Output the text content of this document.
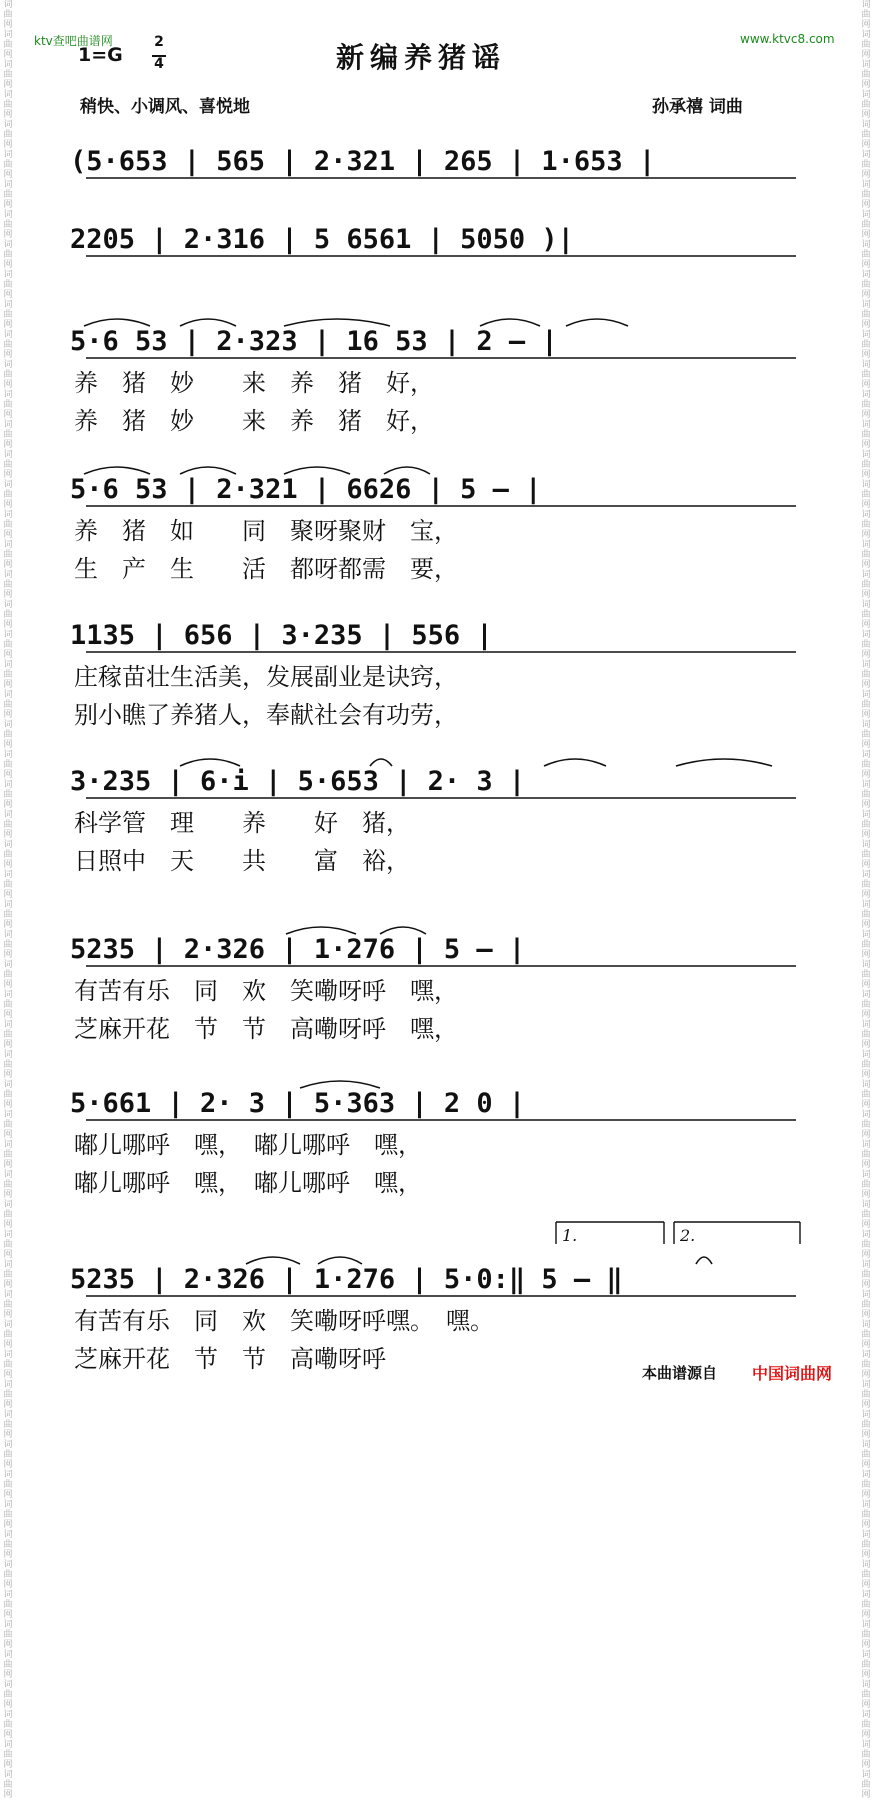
词曲网词曲网词曲网词曲网词曲网词曲网词曲网词曲网词曲网词曲网词曲网词曲网词曲网词曲网词曲网词曲网词曲网词曲网词曲网词曲网词曲网词曲网词曲网词曲网词曲网词曲网词曲网词曲网词曲网词曲网词曲网词曲网词曲网词曲网词曲网词曲网词曲网词曲网词曲网词曲网词曲网词曲网词曲网词曲网词曲网词曲网词曲网词曲网词曲网词曲网词曲网词曲网词曲网词曲网词曲网词曲网词曲网词曲网词曲网词曲网
词曲网词曲网词曲网词曲网词曲网词曲网词曲网词曲网词曲网词曲网词曲网词曲网词曲网词曲网词曲网词曲网词曲网词曲网词曲网词曲网词曲网词曲网词曲网词曲网词曲网词曲网词曲网词曲网词曲网词曲网词曲网词曲网词曲网词曲网词曲网词曲网词曲网词曲网词曲网词曲网词曲网词曲网词曲网词曲网词曲网词曲网词曲网词曲网词曲网词曲网词曲网词曲网词曲网词曲网词曲网词曲网词曲网词曲网词曲网词曲网
ktv查吧曲谱网	www.ktvc8.com
1=G
2
4	新编养猪谣
稍快、小调风、喜悦地	孙承禧 词曲
(5·653 | 565 | 2·321 | 265 | 1·653 |
2205 | 2·316 | 5 6561 | 5050 )|
5·6 53 | 2·323 | 16 53 | 2 — |
养　猪　妙　　来　养　猪　好，
养　猪　妙　　来　养　猪　好，
5·6 53 | 2·321 | 6626 | 5 — |
养　猪　如　　同　聚呀聚财　宝，
生　产　生　　活　都呀都需　要，
1135 | 656 | 3·235 | 556 |
庄稼苗壮生活美，发展副业是诀窍，
别小瞧了养猪人，奉献社会有功劳，
3·235 | 6·i | 5·653 | 2· 3 |
科学管　理　　养　　好　猪，
日照中　天　　共　　富　裕，
5235 | 2·326 | 1·276 | 5 — |
有苦有乐　同　欢　笑嘞呀呼　嘿，
芝麻开花　节　节　高嘞呀呼　嘿，
5·661 | 2· 3 | 5·363 | 2 0 |
嘟儿哪呼　嘿，　嘟儿哪呼　嘿，
嘟儿哪呼　嘿，　嘟儿哪呼　嘿，
5235 | 2·326 | 1·276 | 5·0:‖ 5 — ‖
有苦有乐　同　欢　笑嘞呀呼嘿。　嘿。
芝麻开花　节　节　高嘞呀呼
1.	2.
本曲谱源自 中国词曲网
